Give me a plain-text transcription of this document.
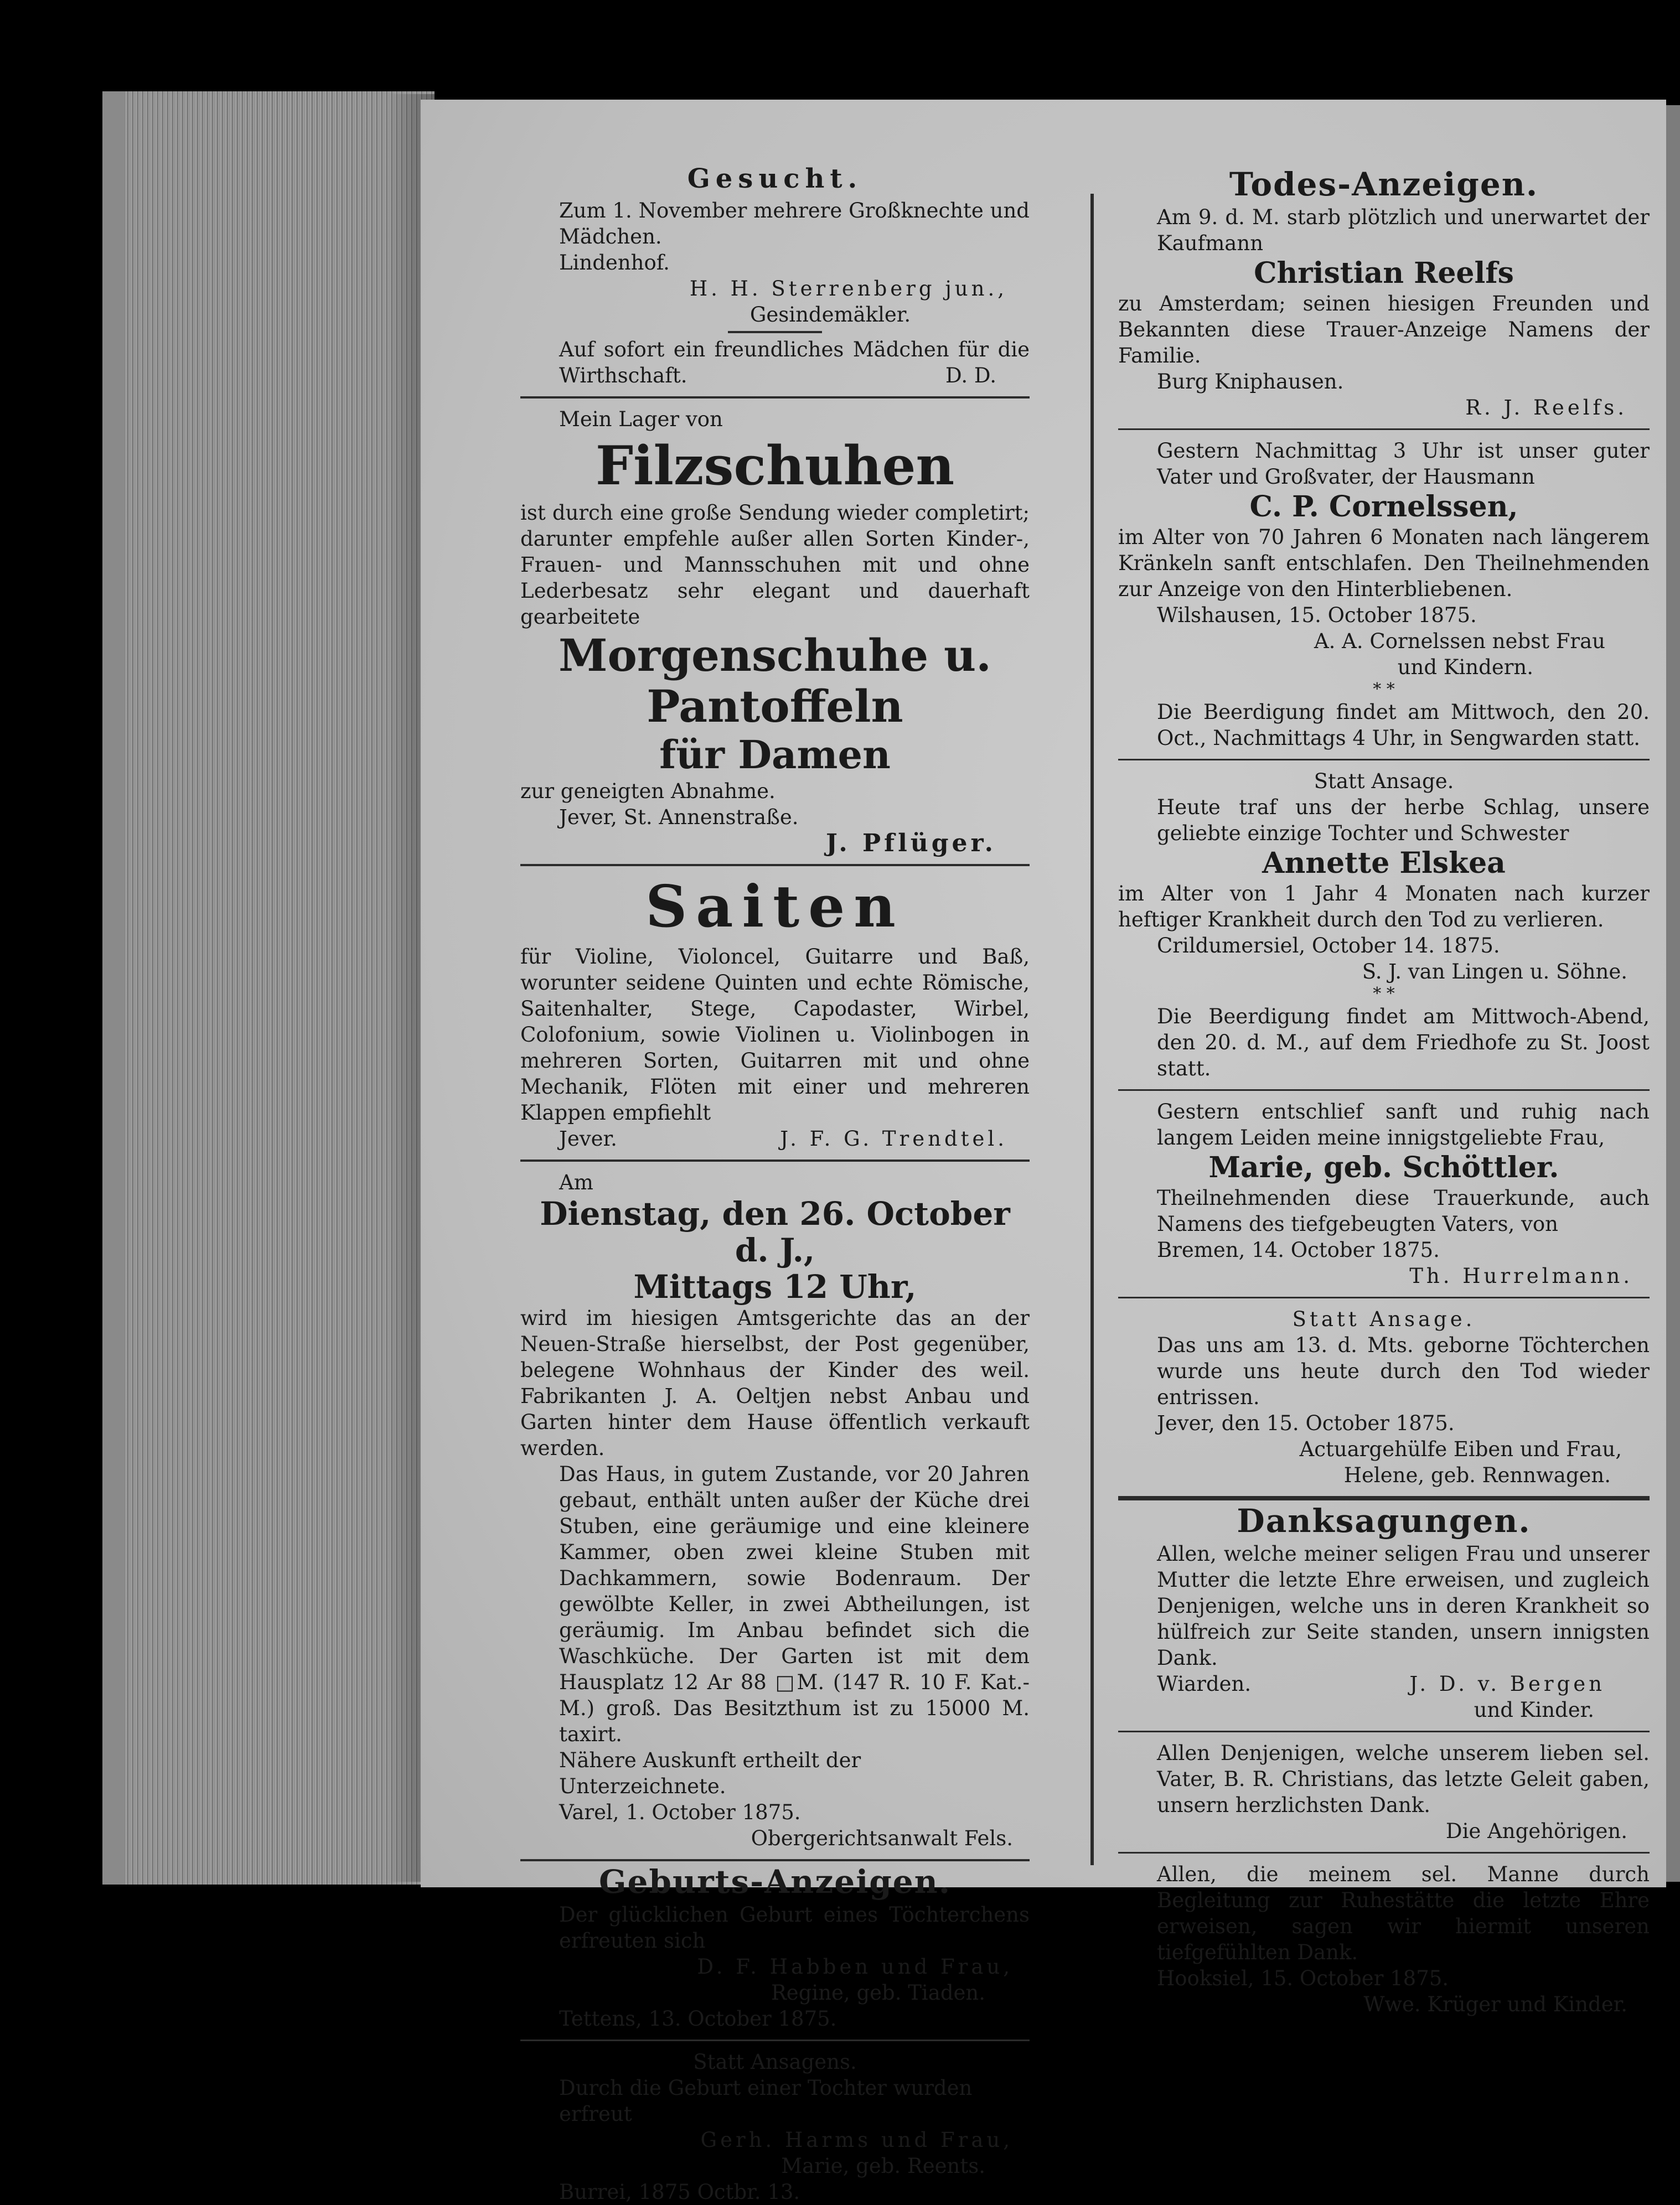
Gesucht.

Zum 1. November mehrere Großknechte und Mädchen.

Lindenhof.

H. H. Sterrenberg jun.,

Gesindemäkler.

Auf sofort ein freundliches Mädchen für die Wirthschaft.	D. D.

Mein Lager von

Filzschuhen

ist durch eine große Sendung wieder completirt; darunter empfehle außer allen Sorten Kinder-, Frauen- und Mannsschuhen mit und ohne Lederbesatz sehr elegant und dauerhaft gearbeitete

Morgenschuhe u. Pantoffeln

für Damen

zur geneigten Abnahme.

Jever, St. Annenstraße.

J. Pflüger.

Saiten

für Violine, Violoncel, Guitarre und Baß, worunter seidene Quinten und echte Römische, Saitenhalter, Stege, Capodaster, Wirbel, Colofonium, sowie Violinen u. Violinbogen in mehreren Sorten, Guitarren mit und ohne Mechanik, Flöten mit einer und mehreren Klappen empfiehlt

Jever.	J. F. G. Trendtel.

Am

Dienstag, den 26. October d. J.,

Mittags 12 Uhr,

wird im hiesigen Amtsgerichte das an der Neuen-Straße hierselbst, der Post gegenüber, belegene Wohnhaus der Kinder des weil. Fabrikanten J. A. Oeltjen nebst Anbau und Garten hinter dem Hause öffentlich verkauft werden.

Das Haus, in gutem Zustande, vor 20 Jahren gebaut, enthält unten außer der Küche drei Stuben, eine geräumige und eine kleinere Kammer, oben zwei kleine Stuben mit Dachkammern, sowie Bodenraum. Der gewölbte Keller, in zwei Abtheilungen, ist geräumig. Im Anbau befindet sich die Waschküche. Der Garten ist mit dem Hausplatz 12 Ar 88 □M. (147 R. 10 F. Kat.-M.) groß. Das Besitzthum ist zu 15000 M. taxirt.

Nähere Auskunft ertheilt der Unterzeichnete.

Varel, 1. October 1875.

Obergerichtsanwalt Fels.

Geburts-Anzeigen.

Der glücklichen Geburt eines Töchterchens erfreuten sich

D. F. Habben und Frau,

Regine, geb. Tiaden.

Tettens, 13. October 1875.

Statt Ansagens.

Durch die Geburt einer Tochter wurden erfreut

Gerh. Harms und Frau,

Marie, geb. Reents.

Burrei, 1875 Octbr. 13.

Todes-Anzeigen.

Am 9. d. M. starb plötzlich und unerwartet der Kaufmann

Christian Reelfs

zu Amsterdam; seinen hiesigen Freunden und Bekannten diese Trauer-Anzeige Namens der Familie.

Burg Kniphausen.

R. J. Reelfs.

Gestern Nachmittag 3 Uhr ist unser guter Vater und Großvater, der Hausmann

C. P. Cornelssen,

im Alter von 70 Jahren 6 Monaten nach längerem Kränkeln sanft entschlafen. Den Theilnehmenden zur Anzeige von den Hinterbliebenen.

Wilshausen, 15. October 1875.

A. A. Cornelssen nebst Frau

und Kindern.

* *

Die Beerdigung findet am Mittwoch, den 20. Oct., Nachmittags 4 Uhr, in Sengwarden statt.

Statt Ansage.

Heute traf uns der herbe Schlag, unsere geliebte einzige Tochter und Schwester

Annette Elskea

im Alter von 1 Jahr 4 Monaten nach kurzer heftiger Krankheit durch den Tod zu verlieren.

Crildumersiel, October 14. 1875.

S. J. van Lingen u. Söhne.

* *

Die Beerdigung findet am Mittwoch-Abend, den 20. d. M., auf dem Friedhofe zu St. Joost statt.

Gestern entschlief sanft und ruhig nach langem Leiden meine innigstgeliebte Frau,

Marie, geb. Schöttler.

Theilnehmenden diese Trauerkunde, auch Namens des tiefgebeugten Vaters, von

Bremen, 14. October 1875.

Th. Hurrelmann.

Statt Ansage.

Das uns am 13. d. Mts. geborne Töchterchen wurde uns heute durch den Tod wieder entrissen.

Jever, den 15. October 1875.

Actuargehülfe Eiben und Frau,

Helene, geb. Rennwagen.

Danksagungen.

Allen, welche meiner seligen Frau und unserer Mutter die letzte Ehre erweisen, und zugleich Denjenigen, welche uns in deren Krankheit so hülfreich zur Seite standen, unsern innigsten Dank.

Wiarden.	J. D. v. Bergen

und Kinder.

Allen Denjenigen, welche unserem lieben sel. Vater, B. R. Christians, das letzte Geleit gaben, unsern herzlichsten Dank.

Die Angehörigen.

Allen, die meinem sel. Manne durch Begleitung zur Ruhestätte die letzte Ehre erweisen, sagen wir hiermit unseren tiefgefühlten Dank.

Hooksiel, 15. October 1875.

Wwe. Krüger und Kinder.
